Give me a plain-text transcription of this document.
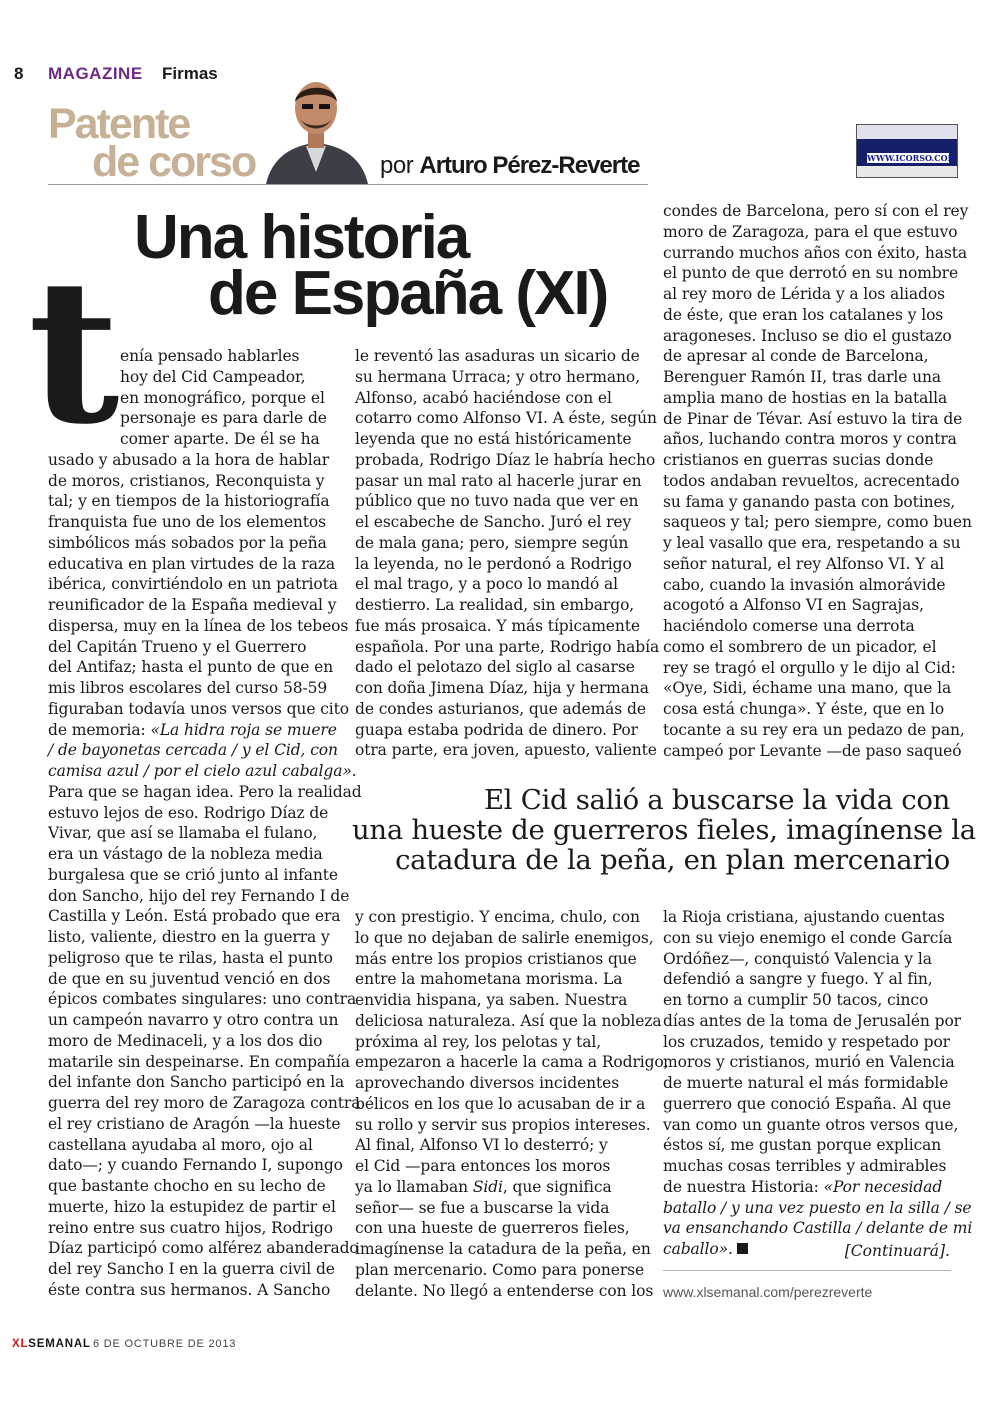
8 MAGAZINE Firmas
Patente
de corso	por Arturo Pérez-Reverte	WWW.ICORSO.COM
Una historia
de España (XI)
t enía pensado hablarles

hoy del Cid Campeador,

en monográfico, porque el

personaje es para darle de

comer aparte. De él se ha

usado y abusado a la hora de hablar

de moros, cristianos, Reconquista y

tal; y en tiempos de la historiografía

franquista fue uno de los elementos

simbólicos más sobados por la peña

educativa en plan virtudes de la raza

ibérica, convirtiéndolo en un patriota

reunificador de la España medieval y

dispersa, muy en la línea de los tebeos

del Capitán Trueno y el Guerrero

del Antifaz; hasta el punto de que en

mis libros escolares del curso 58-59

figuraban todavía unos versos que cito

de memoria: «La hidra roja se muere

/ de bayonetas cercada / y el Cid, con

camisa azul / por el cielo azul cabalga».

Para que se hagan idea. Pero la realidad

estuvo lejos de eso. Rodrigo Díaz de

Vivar, que así se llamaba el fulano,

era un vástago de la nobleza media

burgalesa que se crió junto al infante

don Sancho, hijo del rey Fernando I de

Castilla y León. Está probado que era

listo, valiente, diestro en la guerra y

peligroso que te rilas, hasta el punto

de que en su juventud venció en dos

épicos combates singulares: uno contra

un campeón navarro y otro contra un

moro de Medinaceli, y a los dos dio

matarile sin despeinarse. En compañía

del infante don Sancho participó en la

guerra del rey moro de Zaragoza contra

el rey cristiano de Aragón —la hueste

castellana ayudaba al moro, ojo al

dato—; y cuando Fernando I, supongo

que bastante chocho en su lecho de

muerte, hizo la estupidez de partir el

reino entre sus cuatro hijos, Rodrigo

Díaz participó como alférez abanderado

del rey Sancho I en la guerra civil de

éste contra sus hermanos. A Sancho

le reventó las asaduras un sicario de

su hermana Urraca; y otro hermano,

Alfonso, acabó haciéndose con el

cotarro como Alfonso VI. A éste, según

leyenda que no está históricamente

probada, Rodrigo Díaz le habría hecho

pasar un mal rato al hacerle jurar en

público que no tuvo nada que ver en

el escabeche de Sancho. Juró el rey

de mala gana; pero, siempre según

la leyenda, no le perdonó a Rodrigo

el mal trago, y a poco lo mandó al

destierro. La realidad, sin embargo,

fue más prosaica. Y más típicamente

española. Por una parte, Rodrigo había

dado el pelotazo del siglo al casarse

con doña Jimena Díaz, hija y hermana

de condes asturianos, que además de

guapa estaba podrida de dinero. Por

otra parte, era joven, apuesto, valiente

condes de Barcelona, pero sí con el rey

moro de Zaragoza, para el que estuvo

currando muchos años con éxito, hasta

el punto de que derrotó en su nombre

al rey moro de Lérida y a los aliados

de éste, que eran los catalanes y los

aragoneses. Incluso se dio el gustazo

de apresar al conde de Barcelona,

Berenguer Ramón II, tras darle una

amplia mano de hostias en la batalla

de Pinar de Tévar. Así estuvo la tira de

años, luchando contra moros y contra

cristianos en guerras sucias donde

todos andaban revueltos, acrecentado

su fama y ganando pasta con botines,

saqueos y tal; pero siempre, como buen

y leal vasallo que era, respetando a su

señor natural, el rey Alfonso VI. Y al

cabo, cuando la invasión almorávide

acogotó a Alfonso VI en Sagrajas,

haciéndolo comerse una derrota

como el sombrero de un picador, el

rey se tragó el orgullo y le dijo al Cid:

«Oye, Sidi, échame una mano, que la

cosa está chunga». Y éste, que en lo

tocante a su rey era un pedazo de pan,

campeó por Levante —de paso saqueó

El Cid salió a buscarse la vida con

una hueste de guerreros fieles, imagínense la

catadura de la peña, en plan mercenario

y con prestigio. Y encima, chulo, con

lo que no dejaban de salirle enemigos,

más entre los propios cristianos que

entre la mahometana morisma. La

envidia hispana, ya saben. Nuestra

deliciosa naturaleza. Así que la nobleza

próxima al rey, los pelotas y tal,

empezaron a hacerle la cama a Rodrigo,

aprovechando diversos incidentes

bélicos en los que lo acusaban de ir a

su rollo y servir sus propios intereses.

Al final, Alfonso VI lo desterró; y

el Cid —para entonces los moros

ya lo llamaban Sidi, que significa

señor— se fue a buscarse la vida

con una hueste de guerreros fieles,

imagínense la catadura de la peña, en

plan mercenario. Como para ponerse

delante. No llegó a entenderse con los

la Rioja cristiana, ajustando cuentas

con su viejo enemigo el conde García

Ordóñez—, conquistó Valencia y la

defendió a sangre y fuego. Y al fin,

en torno a cumplir 50 tacos, cinco

días antes de la toma de Jerusalén por

los cruzados, temido y respetado por

moros y cristianos, murió en Valencia

de muerte natural el más formidable

guerrero que conoció España. Al que

van como un guante otros versos que,

éstos sí, me gustan porque explican

muchas cosas terribles y admirables

de nuestra Historia: «Por necesidad

batallo / y una vez puesto en la silla / se

va ensanchando Castilla / delante de mi

caballo».	[Continuará].
www.xlsemanal.com/perezreverte
XLSEMANAL 6 DE OCTUBRE DE 2013
